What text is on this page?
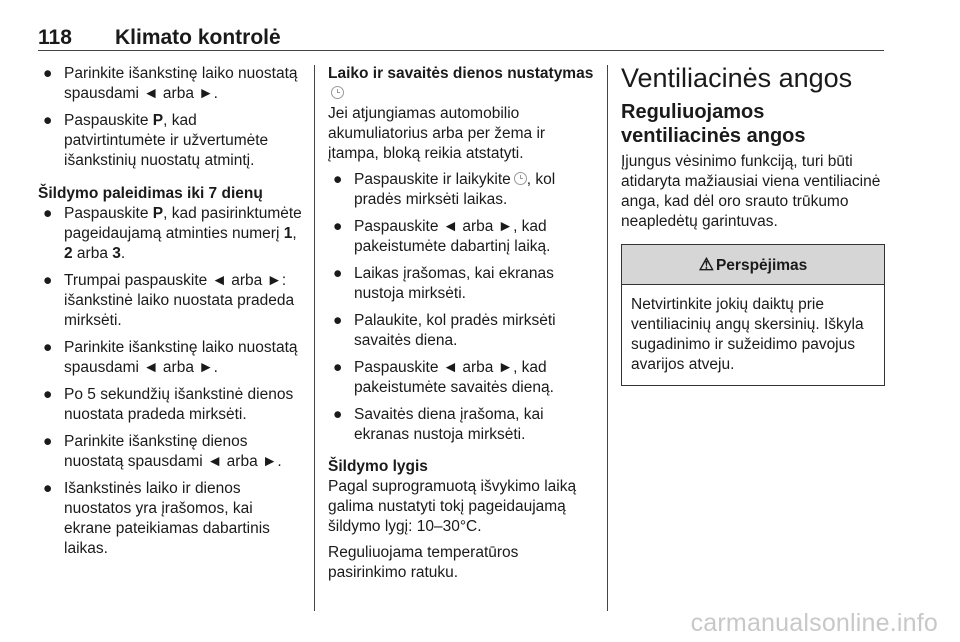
118 Klimato kontrolė
● Parinkite išankstinę laiko nuostatą spausdami ◄ arba ►.
● Paspauskite P, kad patvirtintumėte ir užvertumėte išankstinių nuostatų atmintį.
Šildymo paleidimas iki 7 dienų
● Paspauskite P, kad pasirinktumėte pageidaujamą atminties numerį 1, 2 arba 3.
● Trumpai paspauskite ◄ arba ►: išankstinė laiko nuostata pradeda mirksėti.
● Parinkite išankstinę laiko nuostatą spausdami ◄ arba ►.
● Po 5 sekundžių išankstinė dienos nuostata pradeda mirksėti.
● Parinkite išankstinę dienos nuostatą spausdami ◄ arba ►.
● Išankstinės laiko ir dienos nuostatos yra įrašomos, kai ekrane pateikiamas dabartinis laikas.
Laiko ir savaitės dienos nustatymas

Jei atjungiamas automobilio akumuliatorius arba per žema ir įtampa, bloką reikia atstatyti.

● Paspauskite ir laikykite , kol pradės mirksėti laikas.
● Paspauskite ◄ arba ►, kad pakeistumėte dabartinį laiką.
● Laikas įrašomas, kai ekranas nustoja mirksėti.
● Palaukite, kol pradės mirksėti savaitės diena.
● Paspauskite ◄ arba ►, kad pakeistumėte savaitės dieną.
● Savaitės diena įrašoma, kai ekranas nustoja mirksėti.
Šildymo lygis

Pagal suprogramuotą išvykimo laiką galima nustatyti tokį pageidaujamą šildymo lygį: 10–30°C.

Reguliuojama temperatūros pasirinkimo ratuku.

Ventiliacinės angos
Reguliuojamos ventiliacinės angos

Įjungus vėsinimo funkciją, turi būti atidaryta mažiausiai viena ventiliacinė anga, kad dėl oro srauto trūkumo neapledėtų garintuvas.

⚠ Perspėjimas
Netvirtinkite jokių daiktų prie ventiliacinių angų skersinių. Iškyla sugadinimo ir sužeidimo pavojus avarijos atveju.
carmanualsonline.info
